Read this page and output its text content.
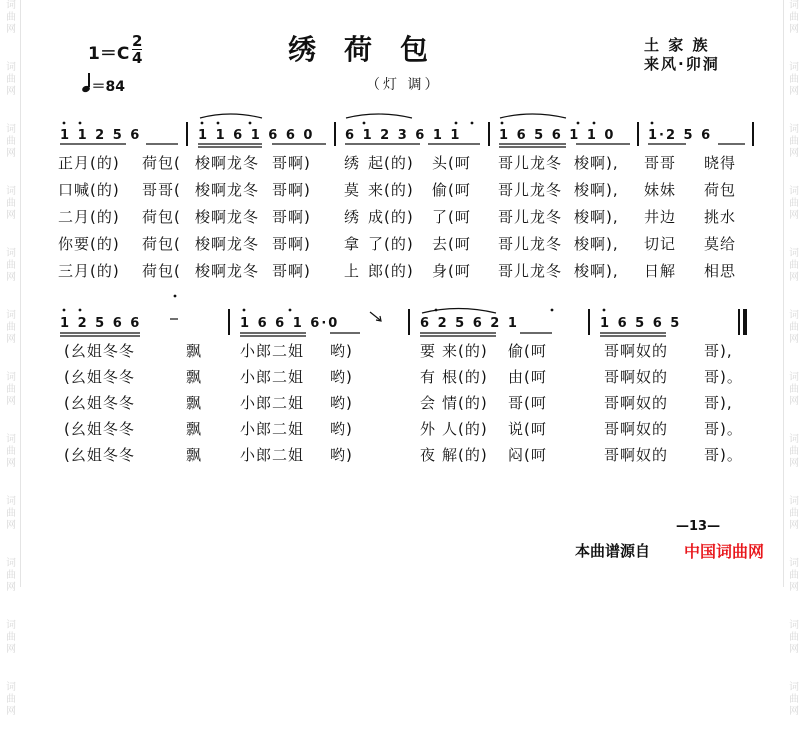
词
曲
网
词
曲
网
词
曲
网
词
曲
网
词
曲
网
词
曲
网
词
曲
网
词
曲
网
词
曲
网
词
曲
网
词
曲
网
词
曲
网
词
曲
网
词
曲
网
词
曲
网
词
曲
网
词
曲
网
词
曲
网
词
曲
网
词
曲
网
词
曲
网
词
曲
网
词
曲
网
词
曲
网
1＝C
2
4
＝84
绣荷包
（灯 调）
土 家 族
来风·卯洞
1 1 2 5 6	1 1 6 1 6 6 0 6 1 2 3 6 1 1	1 6 5 6 1 1 0	1·2 5 6
正月(的) 荷包( 梭啊龙冬 哥啊) 绣 起(的) 头(呵 哥儿龙冬 梭啊), 哥哥 晓得
口喊(的) 哥哥( 梭啊龙冬 哥啊) 莫 来(的) 偷(呵 哥儿龙冬 梭啊), 妹妹 荷包
二月(的) 荷包( 梭啊龙冬 哥啊) 绣 成(的) 了(呵 哥儿龙冬 梭啊), 井边 挑水
你要(的) 荷包( 梭啊龙冬 哥啊) 拿 了(的) 去(呵 哥儿龙冬 梭啊), 切记 莫给
三月(的) 荷包( 梭啊龙冬 哥啊) 上 郎(的) 身(呵 哥儿龙冬 梭啊), 日解 相思
1 2 5 6 6	1 6 6 1 6·0	6 2 5 6 2 1	1 6 5 6 5
(幺姐冬冬	飘	小郎二姐 哟)	要 来(的) 偷(呵	哥啊奴的 哥),
(幺姐冬冬	飘	小郎二姐 哟)	有 根(的) 由(呵	哥啊奴的 哥)。
(幺姐冬冬	飘	小郎二姐 哟)	会 情(的) 哥(呵	哥啊奴的 哥),
(幺姐冬冬	飘	小郎二姐 哟)	外 人(的) 说(呵	哥啊奴的 哥)。
(幺姐冬冬	飘	小郎二姐 哟)	夜 解(的) 闷(呵	哥啊奴的 哥)。
—13—
本曲谱源自 中国词曲网
